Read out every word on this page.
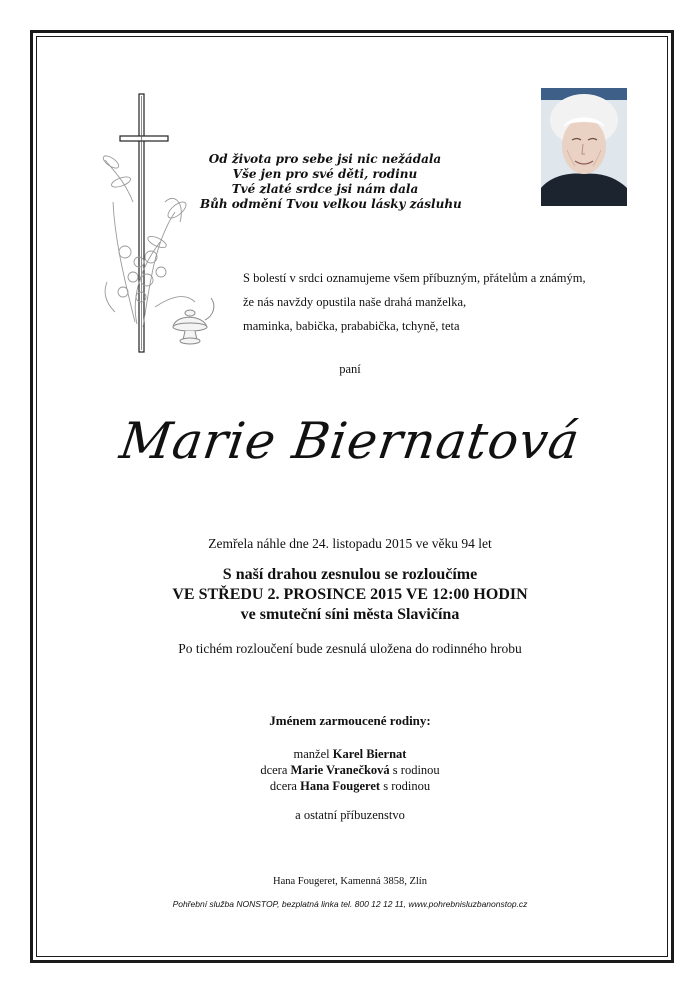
Od života pro sebe jsi nic nežádala
Vše jen pro své děti, rodinu
Tvé zlaté srdce jsi nám dala
Bůh odmění Tvou velkou lásky zásluhu
S bolestí v srdci oznamujeme všem příbuzným, přátelům a známým,
že nás navždy opustila naše drahá manželka,
maminka, babička, prababička, tchyně, teta
paní
Marie Biernatová
Zemřela náhle dne 24. listopadu 2015 ve věku 94 let
S naší drahou zesnulou se rozloučíme
VE STŘEDU 2. PROSINCE 2015 VE 12:00 HODIN
ve smuteční síni města Slavičína
Po tichém rozloučení bude zesnulá uložena do rodinného hrobu
Jménem zarmoucené rodiny:
manžel Karel Biernat
dcera Marie Vranečková s rodinou
dcera Hana Fougeret s rodinou
a ostatní příbuzenstvo
Hana Fougeret, Kamenná 3858, Zlín
Pohřební služba NONSTOP, bezplatná linka tel. 800 12 12 11, www.pohrebnisluzbanonstop.cz
